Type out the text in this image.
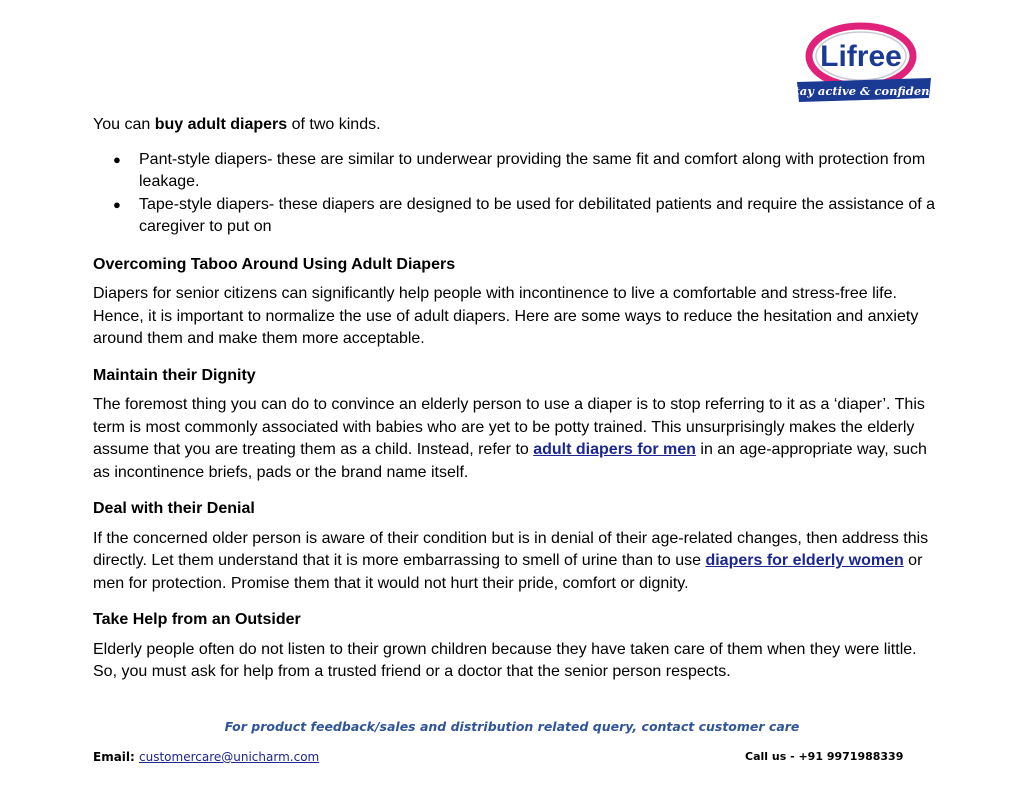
Lifree
Stay active & confident!

You can buy adult diapers of two kinds.

● Pant-style diapers- these are similar to underwear providing the same fit and comfort along with protection from leakage.
● Tape-style diapers- these diapers are designed to be used for debilitated patients and require the assistance of a caregiver to put on
Overcoming Taboo Around Using Adult Diapers

Diapers for senior citizens can significantly help people with incontinence to live a comfortable and stress-free life. Hence, it is important to normalize the use of adult diapers. Here are some ways to reduce the hesitation and anxiety around them and make them more acceptable.

Maintain their Dignity

The foremost thing you can do to convince an elderly person to use a diaper is to stop referring to it as a ‘diaper’. This term is most commonly associated with babies who are yet to be potty trained. This unsurprisingly makes the elderly assume that you are treating them as a child. Instead, refer to adult diapers for men in an age-appropriate way, such as incontinence briefs, pads or the brand name itself.

Deal with their Denial

If the concerned older person is aware of their condition but is in denial of their age-related changes, then address this directly. Let them understand that it is more embarrassing to smell of urine than to use diapers for elderly women or men for protection. Promise them that it would not hurt their pride, comfort or dignity.

Take Help from an Outsider

Elderly people often do not listen to their grown children because they have taken care of them when they were little. So, you must ask for help from a trusted friend or a doctor that the senior person respects.

For product feedback/sales and distribution related query, contact customer care
Email: customercare@unicharm.com	Call us - +91 9971988339
